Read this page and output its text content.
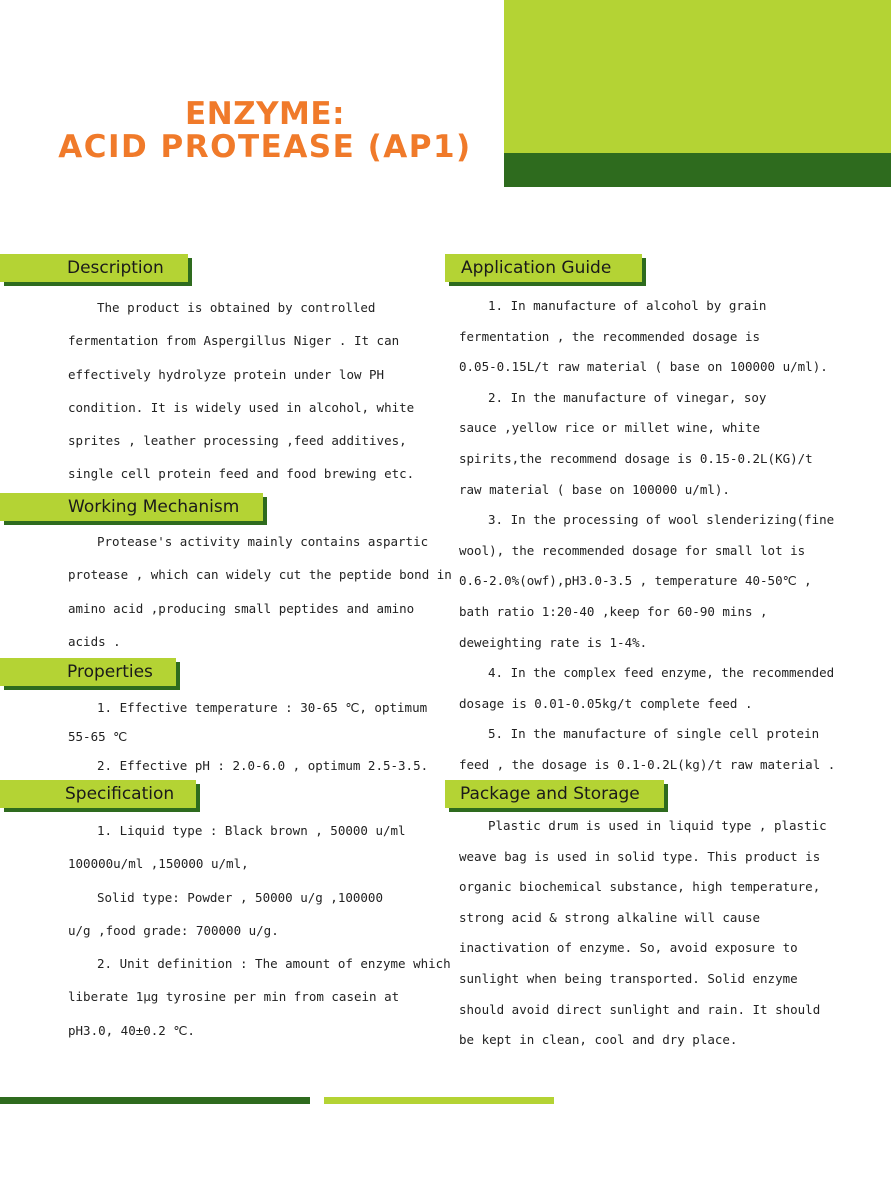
ENZYME:
ACID PROTEASE (AP1)
Description
The product is obtained by controlled
fermentation from Aspergillus Niger . It can
effectively hydrolyze protein under low PH
condition. It is widely used in alcohol, white
sprites , leather processing ,feed additives,
single cell protein feed and food brewing etc.
Working Mechanism
Protease's activity mainly contains aspartic
protease , which can widely cut the peptide bond in
amino acid ,producing small peptides and amino
acids .
Properties
1. Effective temperature : 30-65 ℃, optimum
55-65 ℃
2. Effective pH : 2.0-6.0 , optimum 2.5-3.5.
Specification
1. Liquid type : Black brown , 50000 u/ml
100000u/ml ,150000 u/ml,
Solid type: Powder , 50000 u/g ,100000
u/g ,food grade: 700000 u/g.
2. Unit definition : The amount of enzyme which
liberate 1μg tyrosine per min from casein at
pH3.0, 40±0.2 ℃.
Application Guide
1. In manufacture of alcohol by grain
fermentation , the recommended dosage is
0.05-0.15L/t raw material ( base on 100000 u/ml).
2. In the manufacture of vinegar, soy
sauce ,yellow rice or millet wine, white
spirits,the recommend dosage is 0.15-0.2L(KG)/t
raw material ( base on 100000 u/ml).
3. In the processing of wool slenderizing(fine
wool), the recommended dosage for small lot is
0.6-2.0%(owf),pH3.0-3.5 , temperature 40-50℃ ,
bath ratio 1:20-40 ,keep for 60-90 mins ,
deweighting rate is 1-4%.
4. In the complex feed enzyme, the recommended
dosage is 0.01-0.05kg/t complete feed .
5. In the manufacture of single cell protein
feed , the dosage is 0.1-0.2L(kg)/t raw material .
Package and Storage
Plastic drum is used in liquid type , plastic
weave bag is used in solid type. This product is
organic biochemical substance, high temperature,
strong acid & strong alkaline will cause
inactivation of enzyme. So, avoid exposure to
sunlight when being transported. Solid enzyme
should avoid direct sunlight and rain. It should
be kept in clean, cool and dry place.
